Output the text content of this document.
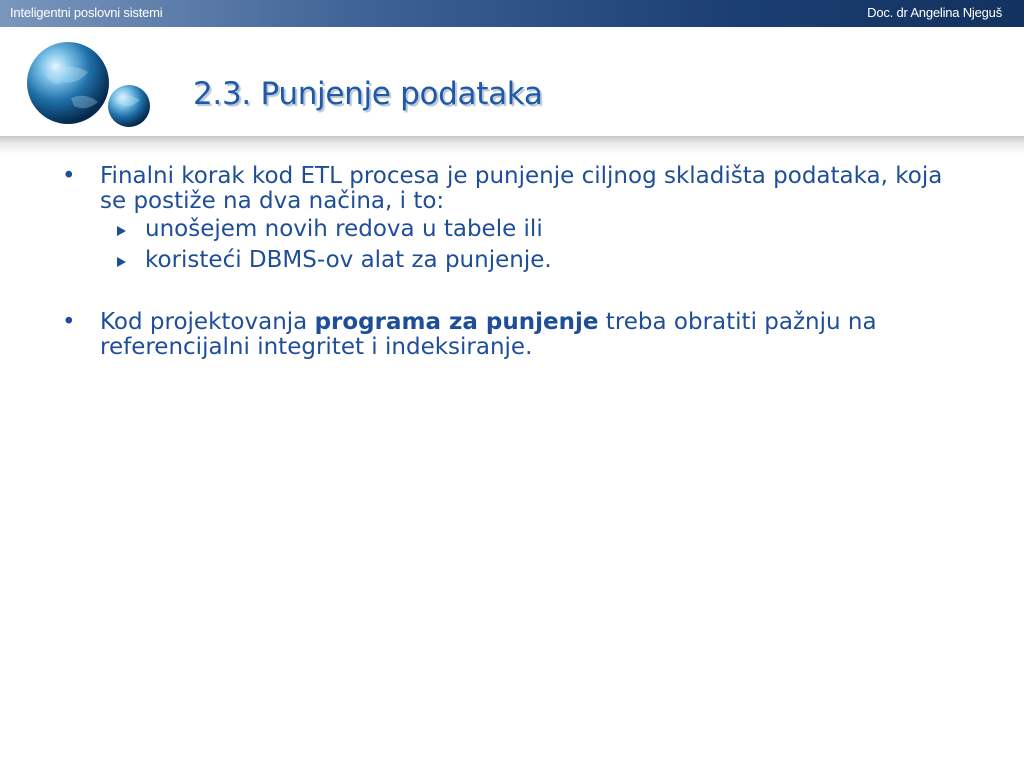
Inteligentni poslovni sistemi	Doc. dr Angelina Njeguš
2.3. Punjenje podataka
• Finalni korak kod ETL procesa je punjenje ciljnog skladišta podataka, koja se postiže na dva načina, i to:
unošejem novih redova u tabele ili
koristeći DBMS-ov alat za punjenje.
• Kod projektovanja programa za punjenje treba obratiti pažnju na referencijalni integritet i indeksiranje.
